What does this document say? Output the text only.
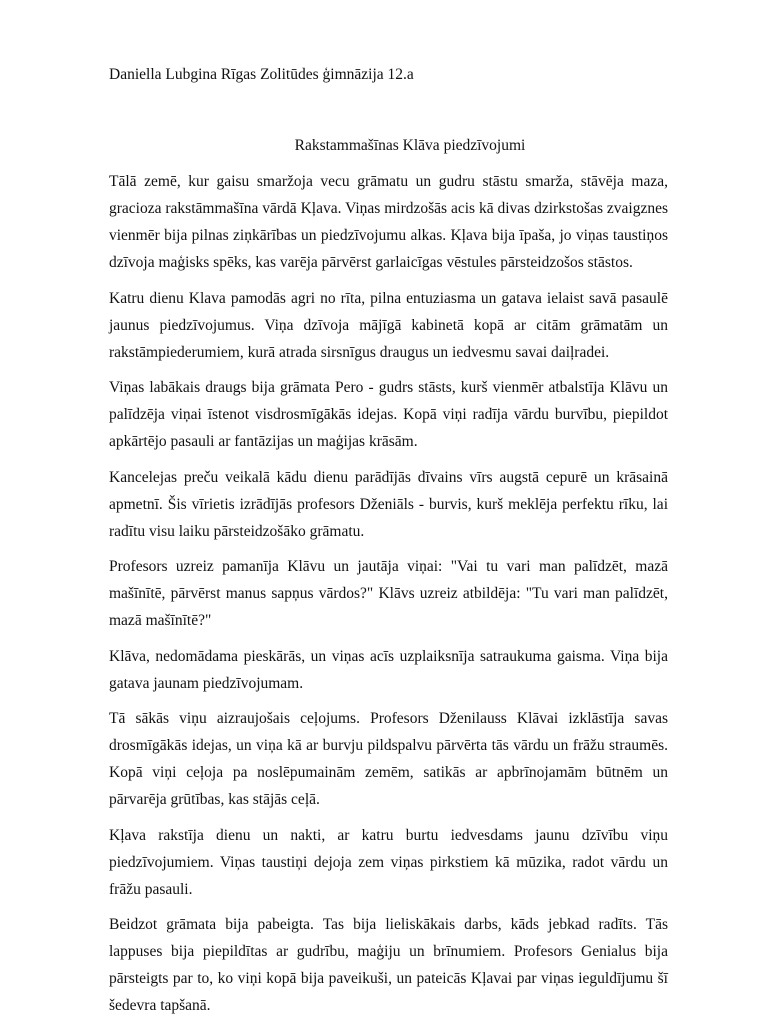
Daniella Lubgina Rīgas Zolitūdes ģimnāzija 12.a
Rakstammašīnas Klāva piedzīvojumi

Tālā zemē, kur gaisu smaržoja vecu grāmatu un gudru stāstu smarža, stāvēja maza, gracioza rakstāmmašīna vārdā Kļava. Viņas mirdzošās acis kā divas dzirkstošas zvaigznes vienmēr bija pilnas ziņkārības un piedzīvojumu alkas. Kļava bija īpaša, jo viņas taustiņos dzīvoja maģisks spēks, kas varēja pārvērst garlaicīgas vēstules pārsteidzošos stāstos.

Katru dienu Klava pamodās agri no rīta, pilna entuziasma un gatava ielaist savā pasaulē jaunus piedzīvojumus. Viņa dzīvoja mājīgā kabinetā kopā ar citām grāmatām un rakstāmpiederumiem, kurā atrada sirsnīgus draugus un iedvesmu savai daiļradei.

Viņas labākais draugs bija grāmata Pero - gudrs stāsts, kurš vienmēr atbalstīja Klāvu un palīdzēja viņai īstenot visdrosmīgākās idejas. Kopā viņi radīja vārdu burvību, piepildot apkārtējo pasauli ar fantāzijas un maģijas krāsām.

Kancelejas preču veikalā kādu dienu parādījās dīvains vīrs augstā cepurē un krāsainā apmetnī. Šis vīrietis izrādījās profesors Dženiāls - burvis, kurš meklēja perfektu rīku, lai radītu visu laiku pārsteidzošāko grāmatu.

Profesors uzreiz pamanīja Klāvu un jautāja viņai: "Vai tu vari man palīdzēt, mazā mašīnītē, pārvērst manus sapņus vārdos?" Klāvs uzreiz atbildēja: "Tu vari man palīdzēt, mazā mašīnītē?"

Klāva, nedomādama pieskārās, un viņas acīs uzplaiksnīja satraukuma gaisma. Viņa bija gatava jaunam piedzīvojumam.

Tā sākās viņu aizraujošais ceļojums. Profesors Dženilauss Klāvai izklāstīja savas drosmīgākās idejas, un viņa kā ar burvju pildspalvu pārvērta tās vārdu un frāžu straumēs. Kopā viņi ceļoja pa noslēpumainām zemēm, satikās ar apbrīnojamām būtnēm un pārvarēja grūtības, kas stājās ceļā.

Kļava rakstīja dienu un nakti, ar katru burtu iedvesdams jaunu dzīvību viņu piedzīvojumiem. Viņas taustiņi dejoja zem viņas pirkstiem kā mūzika, radot vārdu un frāžu pasauli.

Beidzot grāmata bija pabeigta. Tas bija lieliskākais darbs, kāds jebkad radīts. Tās lappuses bija piepildītas ar gudrību, maģiju un brīnumiem. Profesors Genialus bija pārsteigts par to, ko viņi kopā bija paveikuši, un pateicās Kļavai par viņas ieguldījumu šī šedevra tapšanā.
